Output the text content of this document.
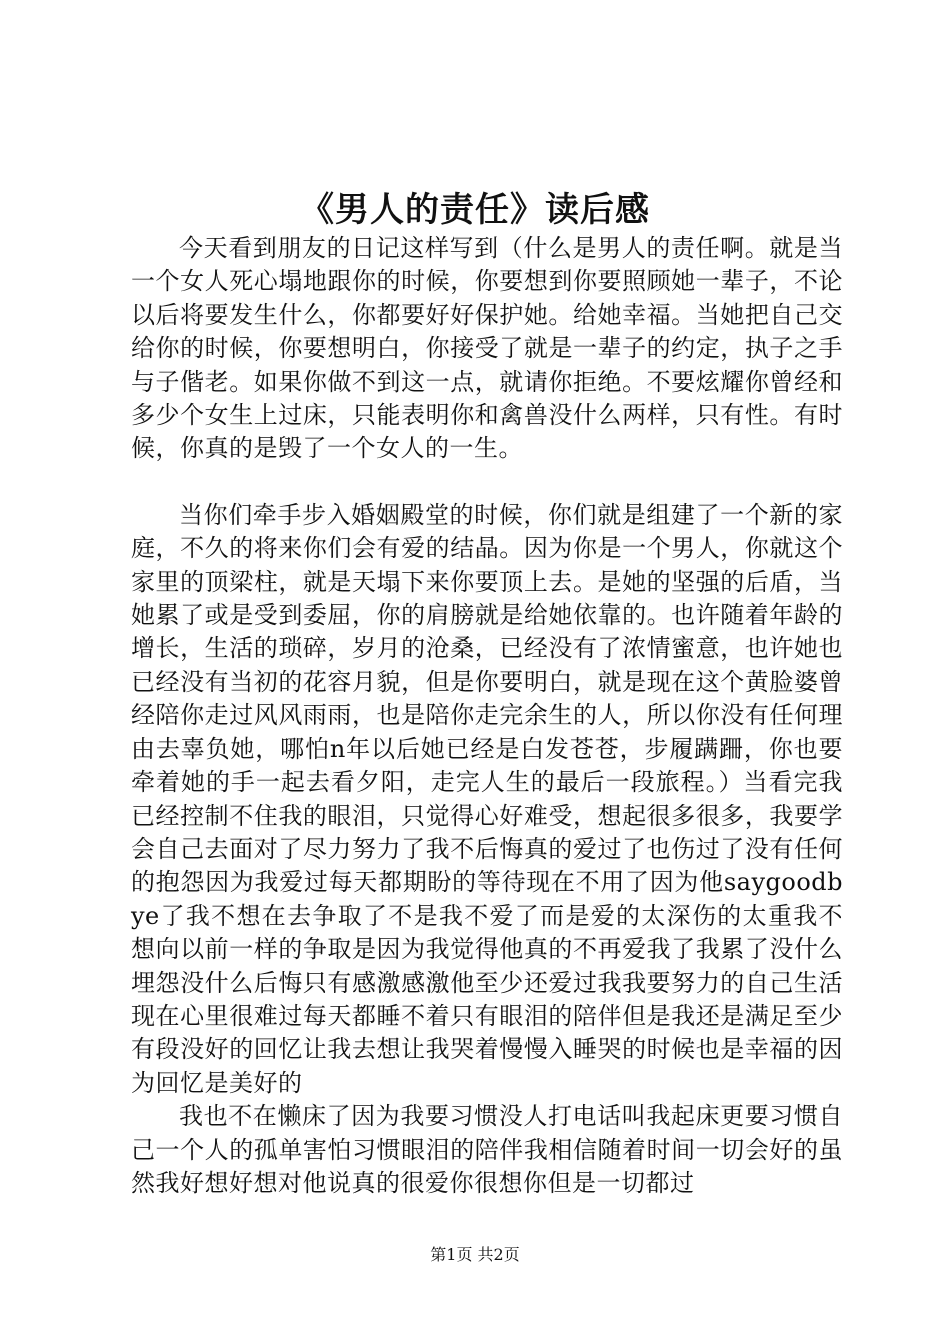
《男人的责任》读后感

今天看到朋友的日记这样写到（什么是男人的责任啊。就是当一个女人死心塌地跟你的时候，你要想到你要照顾她一辈子，不论以后将要发生什么，你都要好好保护她。给她幸福。当她把自己交给你的时候，你要想明白，你接受了就是一辈子的约定，执子之手与子偕老。如果你做不到这一点，就请你拒绝。不要炫耀你曾经和多少个女生上过床，只能表明你和禽兽没什么两样，只有性。有时候，你真的是毁了一个女人的一生。

当你们牵手步入婚姻殿堂的时候，你们就是组建了一个新的家庭，不久的将来你们会有爱的结晶。因为你是一个男人，你就这个家里的顶梁柱，就是天塌下来你要顶上去。是她的坚强的后盾，当她累了或是受到委屈，你的肩膀就是给她依靠的。也许随着年龄的增长，生活的琐碎，岁月的沧桑，已经没有了浓情蜜意，也许她也已经没有当初的花容月貌，但是你要明白，就是现在这个黄脸婆曾经陪你走过风风雨雨，也是陪你走完余生的人，所以你没有任何理由去辜负她，哪怕n年以后她已经是白发苍苍，步履蹒跚，你也要牵着她的手一起去看夕阳，走完人生的最后一段旅程。）当看完我已经控制不住我的眼泪，只觉得心好难受，想起很多很多，我要学会自己去面对了尽力努力了我不后悔真的爱过了也伤过了没有任何的抱怨因为我爱过每天都期盼的等待现在不用了因为他saygoodbye了我不想在去争取了不是我不爱了而是爱的太深伤的太重我不想向以前一样的争取是因为我觉得他真的不再爱我了我累了没什么埋怨没什么后悔只有感激感激他至少还爱过我我要努力的自己生活现在心里很难过每天都睡不着只有眼泪的陪伴但是我还是满足至少有段没好的回忆让我去想让我哭着慢慢入睡哭的时候也是幸福的因为回忆是美好的

我也不在懒床了因为我要习惯没人打电话叫我起床更要习惯自己一个人的孤单害怕习惯眼泪的陪伴我相信随着时间一切会好的虽然我好想好想对他说真的很爱你很想你但是一切都过

第1页 共2页
